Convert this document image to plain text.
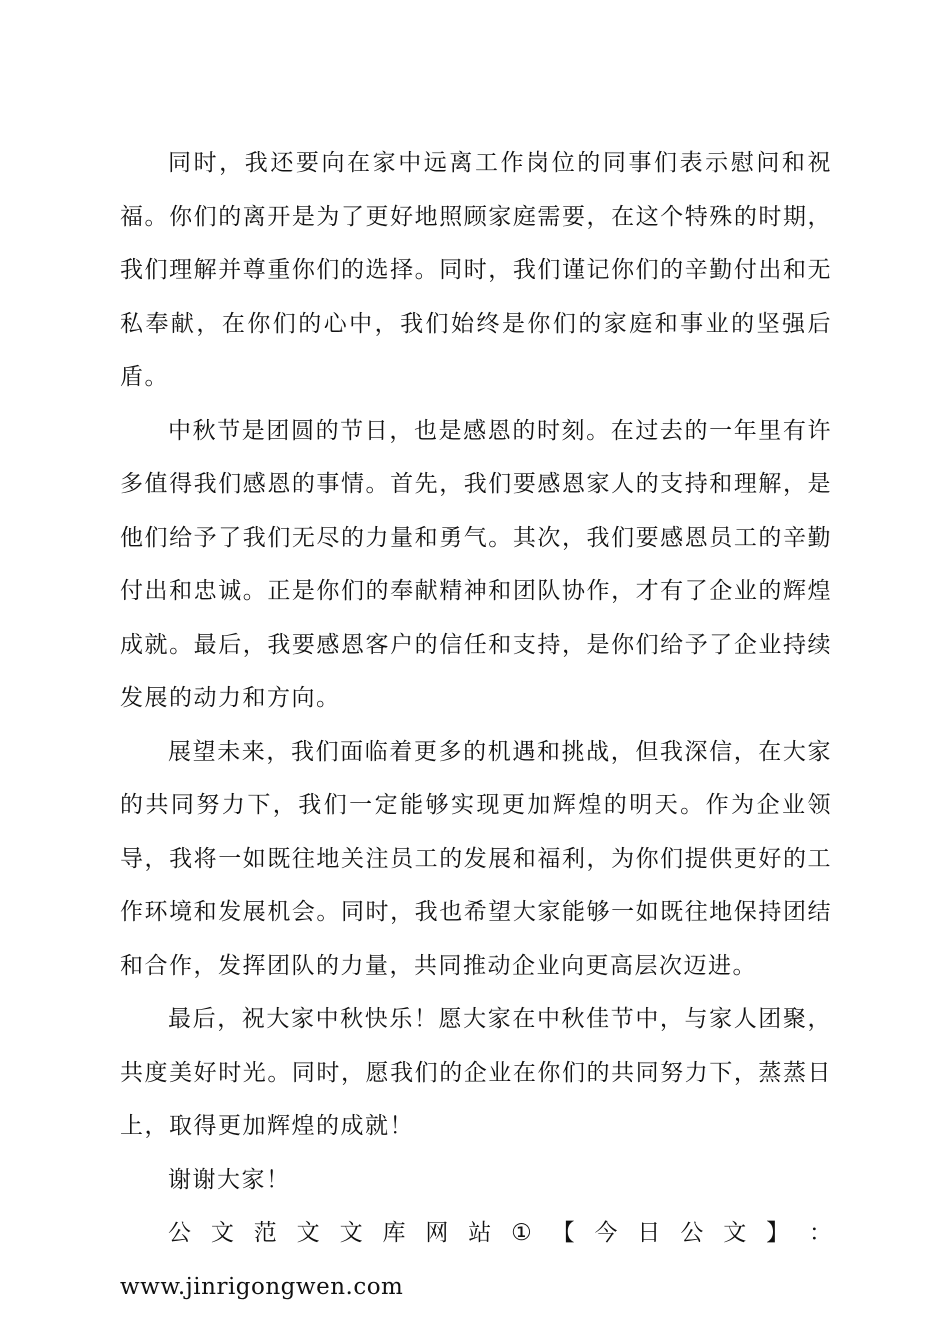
同时，我还要向在家中远离工作岗位的同事们表示慰问和祝福。你们的离开是为了更好地照顾家庭需要，在这个特殊的时期，我们理解并尊重你们的选择。同时，我们谨记你们的辛勤付出和无私奉献，在你们的心中，我们始终是你们的家庭和事业的坚强后盾。

中秋节是团圆的节日，也是感恩的时刻。在过去的一年里有许多值得我们感恩的事情。首先，我们要感恩家人的支持和理解，是他们给予了我们无尽的力量和勇气。其次，我们要感恩员工的辛勤付出和忠诚。正是你们的奉献精神和团队协作，才有了企业的辉煌成就。最后，我要感恩客户的信任和支持，是你们给予了企业持续发展的动力和方向。

展望未来，我们面临着更多的机遇和挑战，但我深信，在大家的共同努力下，我们一定能够实现更加辉煌的明天。作为企业领导，我将一如既往地关注员工的发展和福利，为你们提供更好的工作环境和发展机会。同时，我也希望大家能够一如既往地保持团结和合作，发挥团队的力量，共同推动企业向更高层次迈进。

最后，祝大家中秋快乐！愿大家在中秋佳节中，与家人团聚，共度美好时光。同时，愿我们的企业在你们的共同努力下，蒸蒸日上，取得更加辉煌的成就！

谢谢大家！

公 文 范 文 文 库 网 站 ① 【 今 日 公 文 】 ：

www.jinrigongwen.com
